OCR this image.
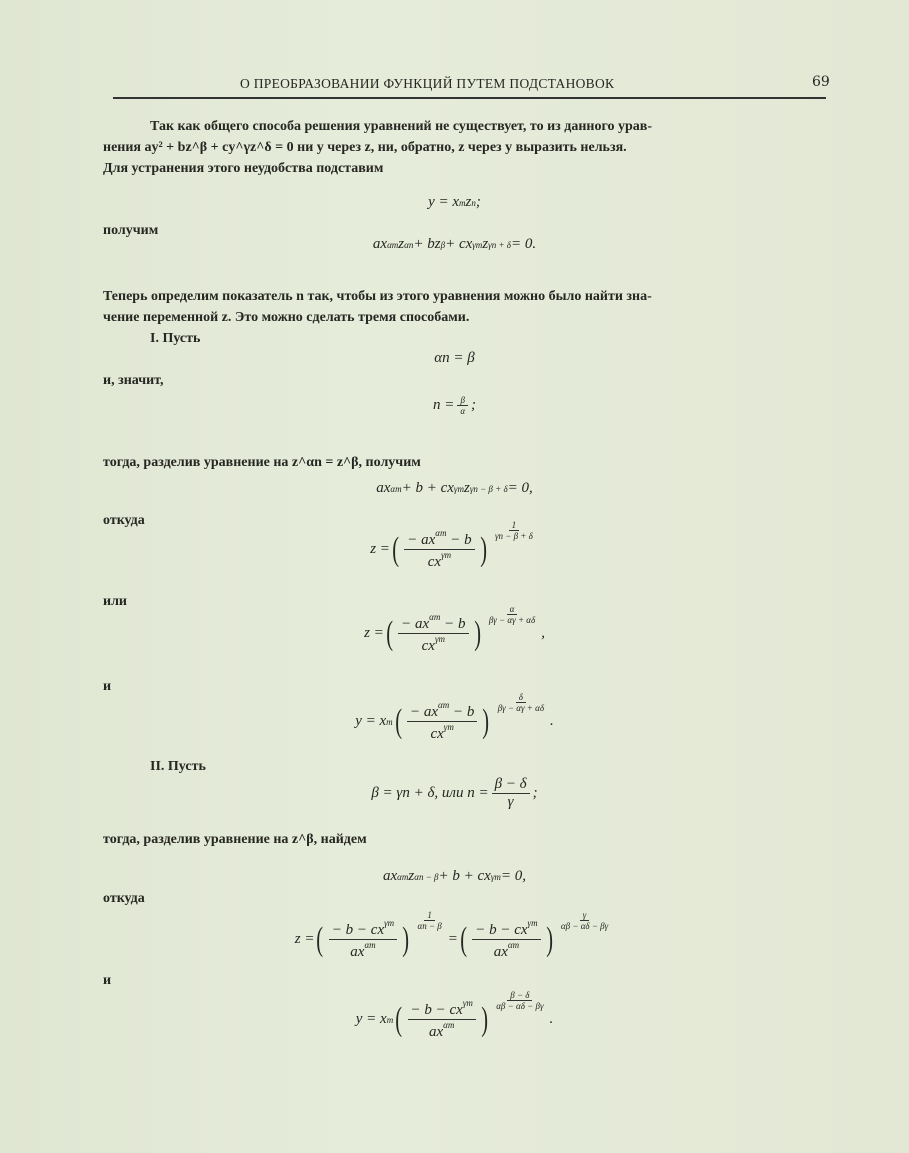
О ПРЕОБРАЗОВАНИИ ФУНКЦИЙ ПУТЕМ ПОДСТАНОВОК	69
Так как общего способа решения уравнений не существует, то из данного урав-
нения ay² + bz^β + cy^γz^δ = 0 ни y через z, ни, обратно, z через y выразить нельзя.
Для устранения этого неудобства подставим
y = x m z n ;
получим
ax αm z αn + bz β + cx γm z γn + δ = 0.
Теперь определим показатель n так, чтобы из этого уравнения можно было найти зна-
чение переменной z. Это можно сделать тремя способами.
I. Пусть
αn = β
и, значит,
$n = \frac{\beta}{\alpha}$ ;
тогда, разделив уравнение на z^αn = z^β, получим
ax αm + b + cx γm z γn − β + δ = 0,
откуда
z = ( $\frac{- ax^{\alpha m} - b}{cx^{\gamma m}}$ )
$\frac{1}{\gamma n - \beta + \delta}$
или
z = ( $\frac{- ax^{\alpha m} - b}{cx^{\gamma m}}$ )
$\frac{\alpha}{\beta\gamma - \alpha\gamma + \alpha\delta}$
,
и
y = x m ( $\frac{- ax^{\alpha m} - b}{cx^{\gamma m}}$ )
$\frac{\delta}{\beta\gamma - \alpha\gamma + \alpha\delta}$
.
II. Пусть
β = γn + δ, или $n = \frac{\beta - \delta}{\gamma}$ ;
тогда, разделив уравнение на z^β, найдем
ax αm z αn − β + b + cx γm = 0,
откуда
z = ( $\frac{- b - cx^{\gamma m}}{ax^{\alpha m}}$ )
$\frac{1}{\alpha n - \beta}$
= ( $\frac{- b - cx^{\gamma m}}{ax^{\alpha m}}$ )
$\frac{\gamma}{\alpha\beta - \alpha\delta - \beta\gamma}$
и
y = x m ( $\frac{- b - cx^{\gamma m}}{ax^{\alpha m}}$ )
$\frac{\beta - \delta}{\alpha\beta - \alpha\delta - \beta\gamma}$
.
